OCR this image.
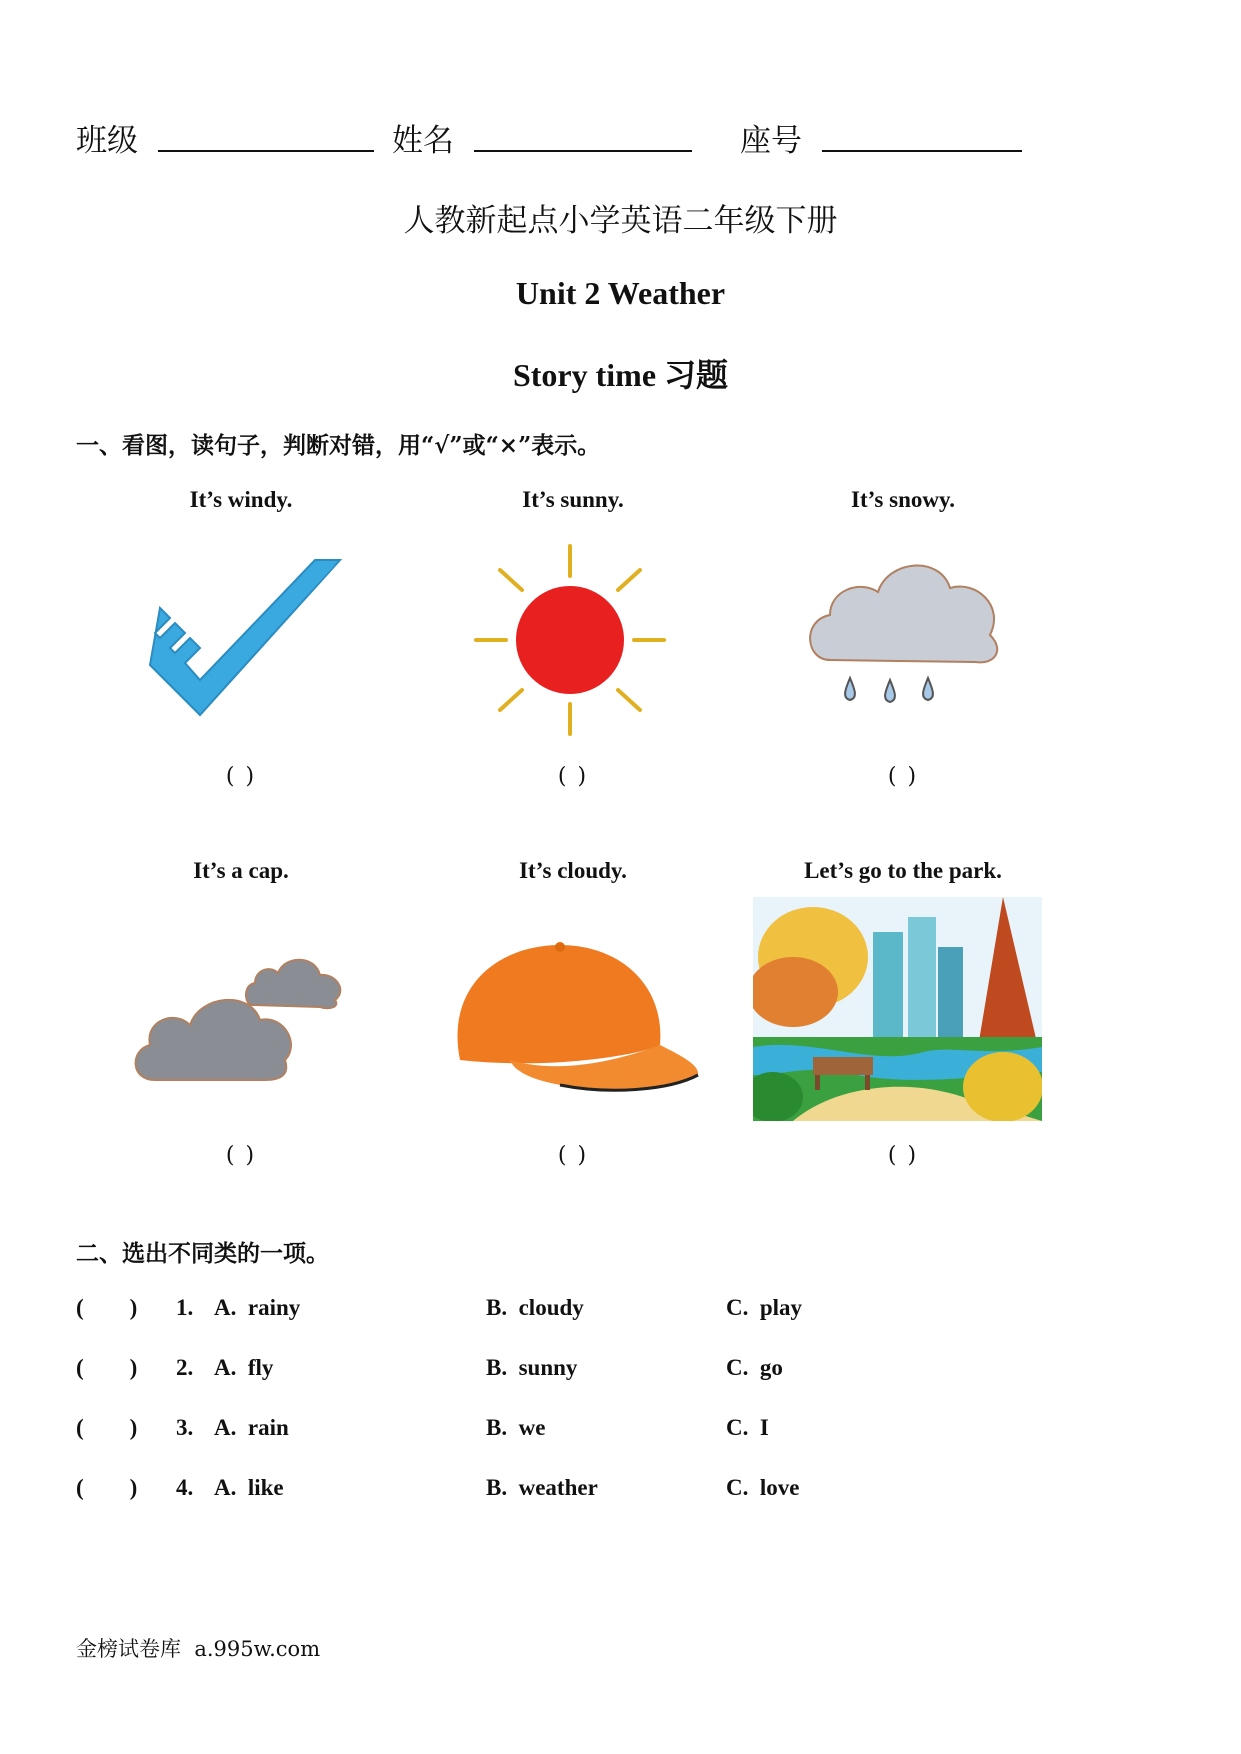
班级	姓名	座号
人教新起点小学英语二年级下册
Unit 2 Weather
Story time 习题
一、看图，读句子，判断对错，用“√”或“×”表示。
It’s windy.	It’s sunny.	It’s snowy.
( )	( )	( )
It’s a cap.	It’s cloudy.	Let’s go to the park.
( )	( )	( )
二、选出不同类的一项。
(        ) 1. A.  rainy	B.  cloudy	C.  play
(        ) 2. A.  fly	B.  sunny	C.  go
(        ) 3. A.  rain	B.  we	C.  I
(        ) 4. A.  like	B.  weather	C.  love
金榜试卷库  a.995w.com
